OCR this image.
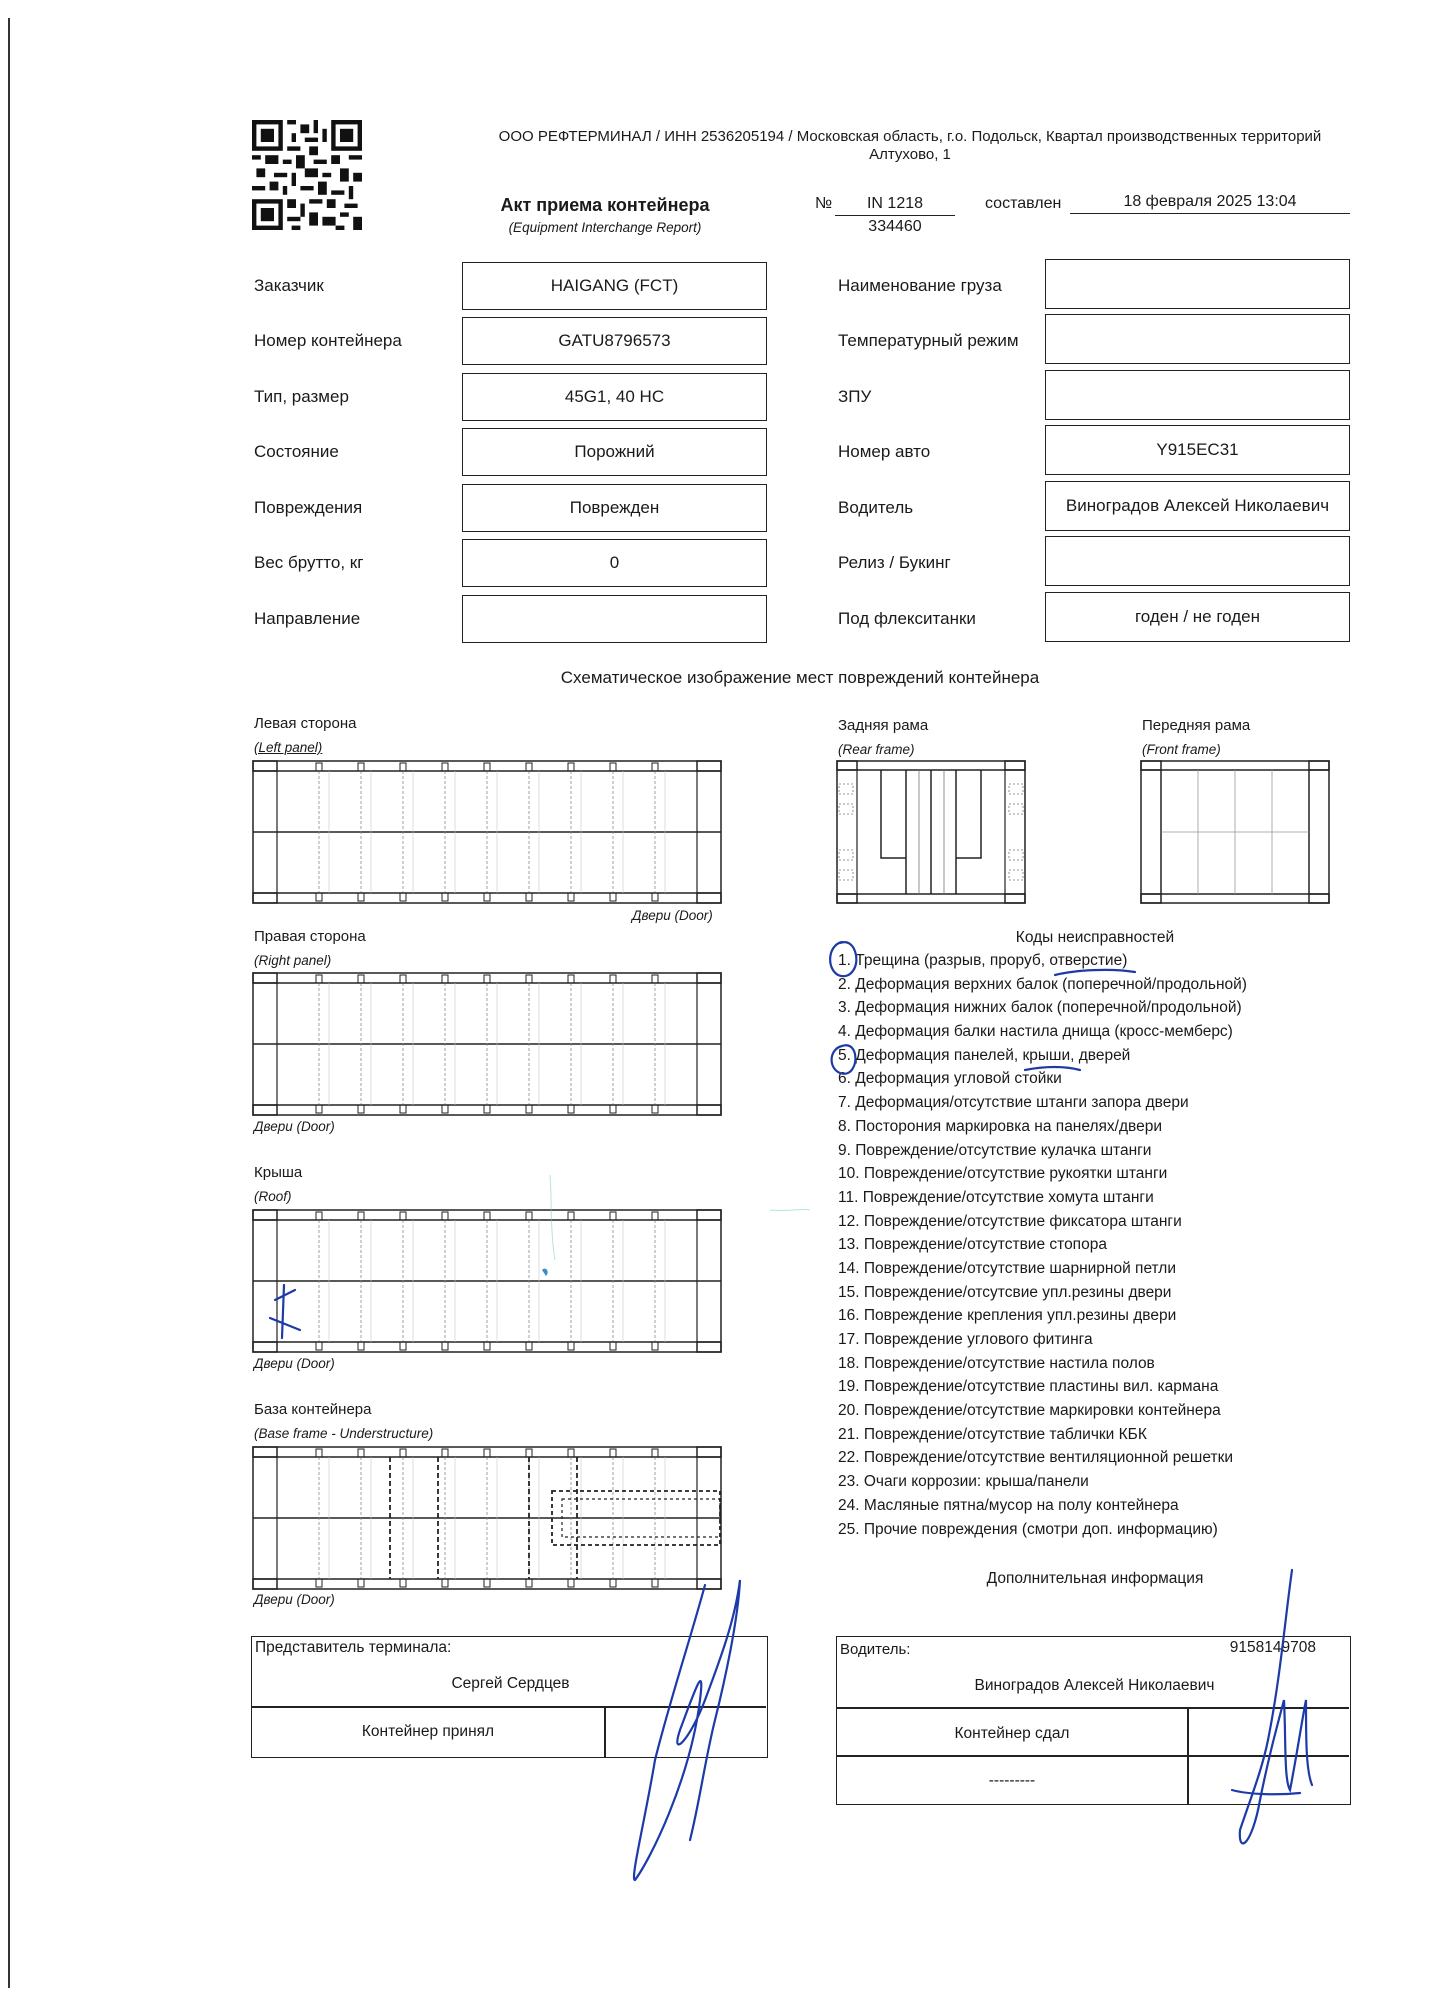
ООО РЕФТЕРМИНАЛ / ИНН 2536205194 / Московская область, г.о. Подольск, Квартал производственных территорий
Алтухово, 1
Акт приема контейнера
(Equipment Interchange Report)
№	IN 1218
334460
составлен	18 февраля 2025 13:04
Заказчик	HAIGANG (FCT)
Номер контейнера	GATU8796573
Тип, размер	45G1, 40 HC
Состояние	Порожний
Повреждения	Поврежден
Вес брутто, кг	0
Направление
Наименование груза
Температурный режим
ЗПУ
Номер авто	Y915EC31
Водитель	Виноградов Алексей Николаевич
Релиз / Букинг
Под флекситанки	годен / не годен
Схематическое изображение мест повреждений контейнера
Левая сторона
(Left panel)
Двери (Door)
Правая сторона
(Right panel)
Двери (Door)
Крыша
(Roof)
Двери (Door)
База контейнера
(Base frame - Understructure)
Двери (Door)
Задняя рама
(Rear frame)
Передняя рама
(Front frame)
Коды неисправностей
1. Трещина (разрыв, проруб, отверстие)
2. Деформация верхних балок (поперечной/продольной)
3. Деформация нижних балок (поперечной/продольной)
4. Деформация балки настила днища (кросс-мемберс)
5. Деформация панелей, крыши, дверей
6. Деформация угловой стойки
7. Деформация/отсутствие штанги запора двери
8. Посторония маркировка на панелях/двери
9. Повреждение/отсутствие кулачка штанги
10. Повреждение/отсутствие рукоятки штанги
11. Повреждение/отсутствие хомута штанги
12. Повреждение/отсутствие фиксатора штанги
13. Повреждение/отсутствие стопора
14. Повреждение/отсутствие шарнирной петли
15. Повреждение/отсутсвие упл.резины двери
16. Повреждение крепления упл.резины двери
17. Повреждение углового фитинга
18. Повреждение/отсутствие настила полов
19. Повреждение/отсутствие пластины вил. кармана
20. Повреждение/отсутствие маркировки контейнера
21. Повреждение/отсутствие таблички КБК
22. Повреждение/отсутствие вентиляционной решетки
23. Очаги коррозии: крыша/панели
24. Масляные пятна/мусор на полу контейнера
25. Прочие повреждения (смотри доп. информацию)
Дополнительная информация
Представитель терминала:
Сергей Сердцев
Контейнер принял
Водитель:	9158149708
Виноградов Алексей Николаевич
Контейнер сдал
---------
